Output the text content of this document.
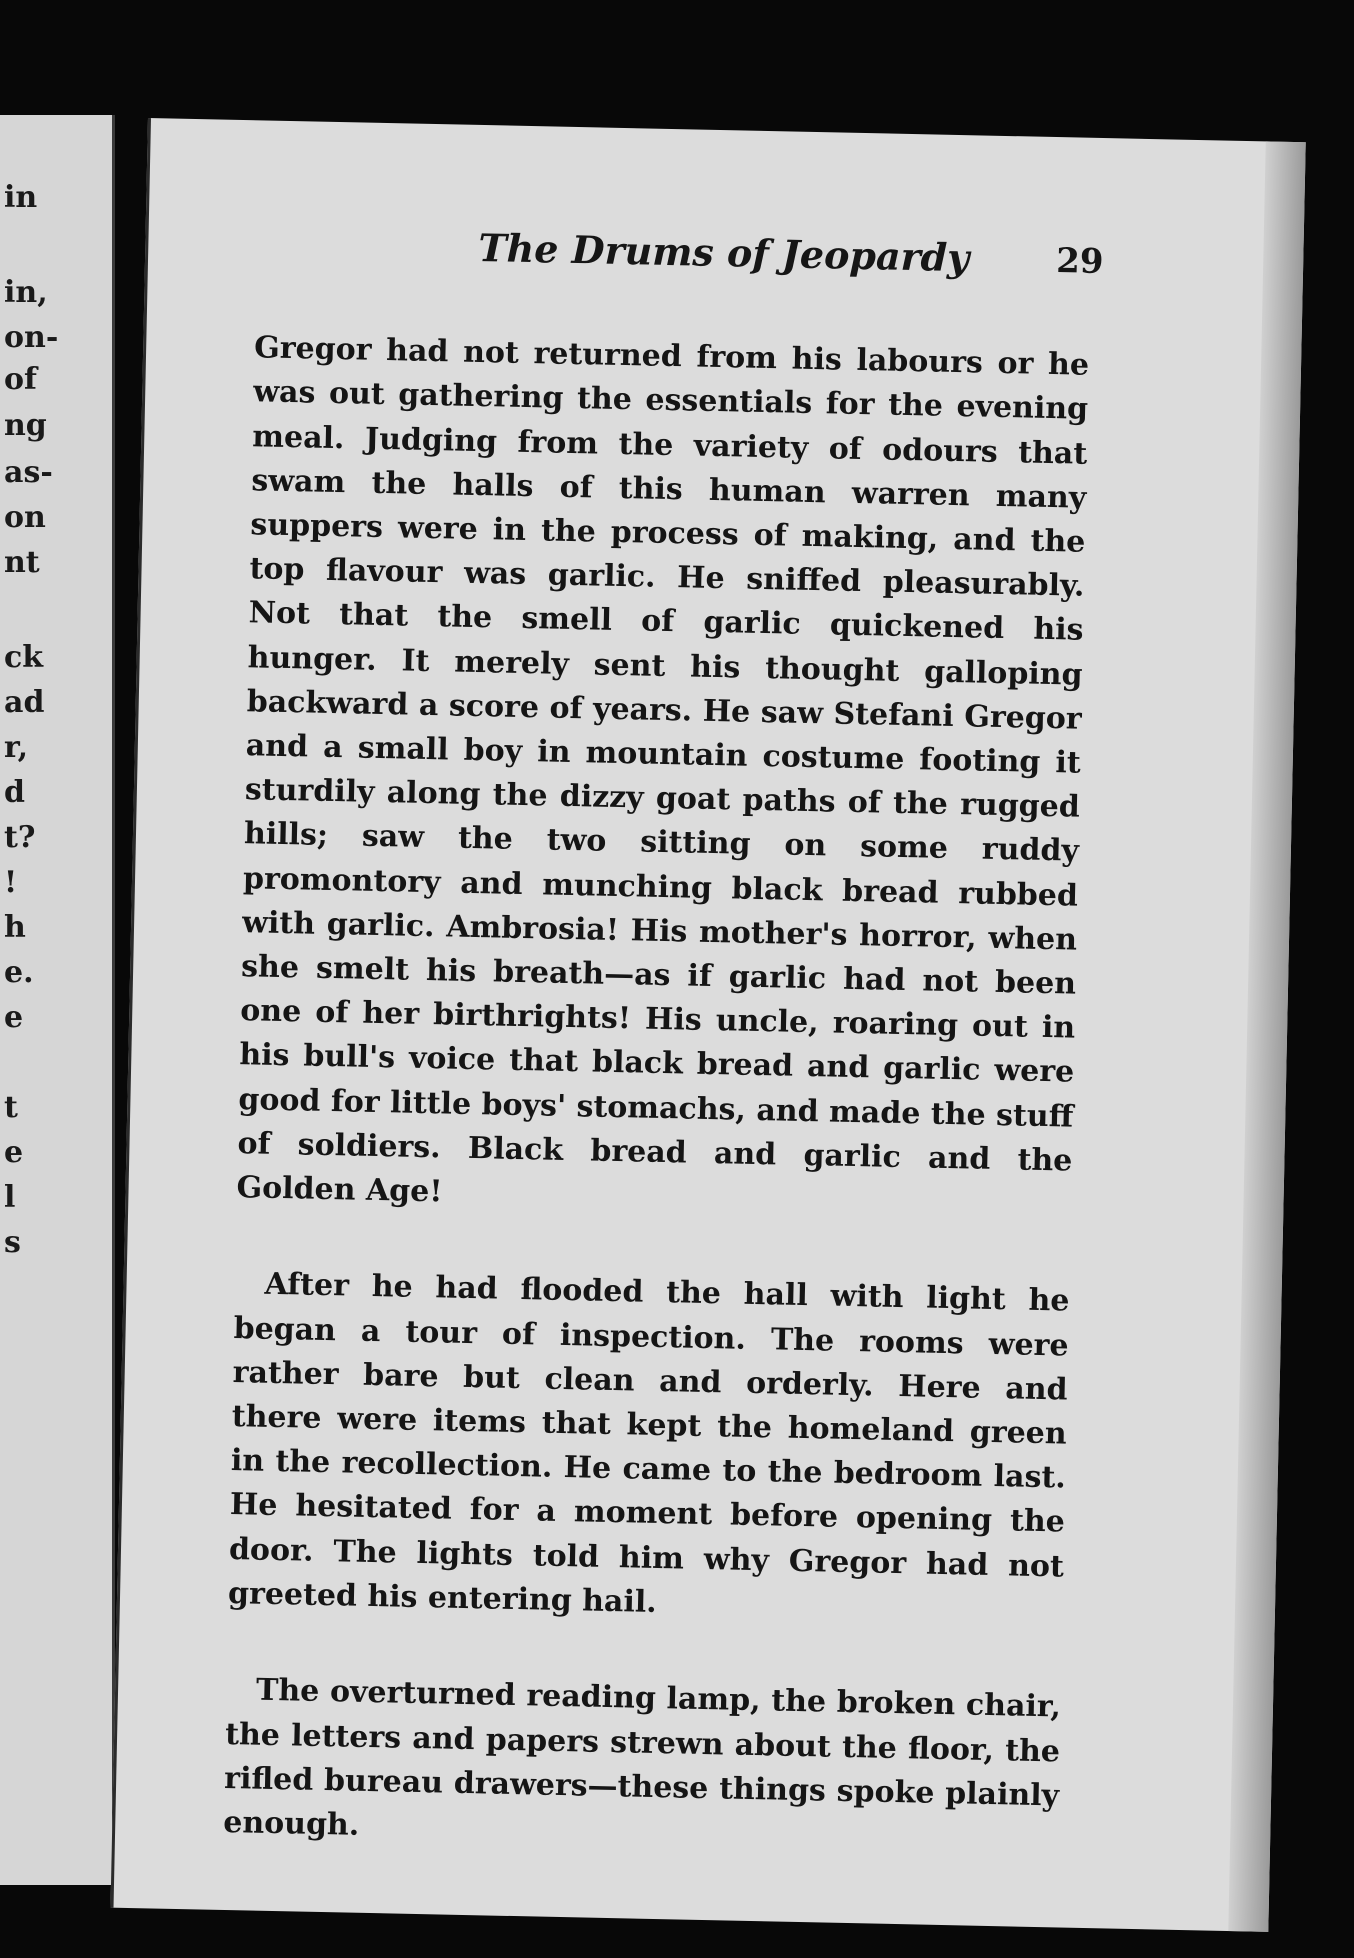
in
in,
on-
of
ng
as-
on
nt
ck
ad
r,
d
t?
!
h
e.
e
t
e
l
s
The Drums of Jeopardy	29

Gregor had not returned from his labours or he was out gathering the essentials for the evening meal. Judging from the variety of odours that swam the halls of this human warren many suppers were in the process of making, and the top flavour was garlic. He sniffed pleasurably. Not that the smell of garlic quickened his hunger. It merely sent his thought galloping backward a score of years. He saw Stefani Gregor and a small boy in mountain costume footing it sturdily along the dizzy goat paths of the rugged hills; saw the two sitting on some ruddy promontory and munching black bread rubbed with garlic. Ambrosia! His mother's horror, when she smelt his breath—as if garlic had not been one of her birthrights! His uncle, roaring out in his bull's voice that black bread and garlic were good for little boys' stomachs, and made the stuff of soldiers. Black bread and garlic and the Golden Age!

After he had flooded the hall with light he began a tour of inspection. The rooms were rather bare but clean and orderly. Here and there were items that kept the homeland green in the recollection. He came to the bedroom last. He hesitated for a moment before opening the door. The lights told him why Gregor had not greeted his entering hail.

The overturned reading lamp, the broken chair, the letters and papers strewn about the floor, the rifled bureau drawers—these things spoke plainly enough.
